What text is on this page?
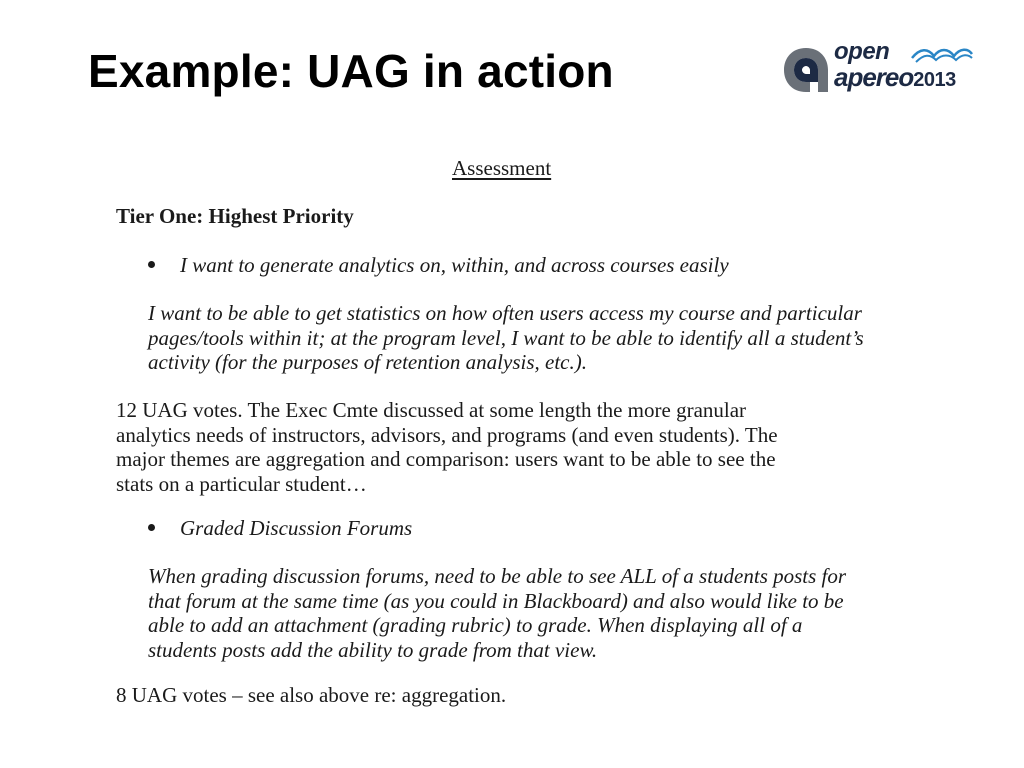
Example: UAG in action	open
apereo2013
Assessment
Tier One: Highest Priority
I want to generate analytics on, within, and across courses easily

I want to be able to get statistics on how often users access my course and particular
pages/tools within it; at the program level, I want to be able to identify all a student’s
activity (for the purposes of retention analysis, etc.).

12 UAG votes. The Exec Cmte discussed at some length the more granular
analytics needs of instructors, advisors, and programs (and even students). The
major themes are aggregation and comparison: users want to be able to see the
stats on a particular student…

Graded Discussion Forums

When grading discussion forums, need to be able to see ALL of a students posts for
that forum at the same time (as you could in Blackboard) and also would like to be
able to add an attachment (grading rubric) to grade. When displaying all of a
students posts add the ability to grade from that view.

8 UAG votes – see also above re: aggregation.
